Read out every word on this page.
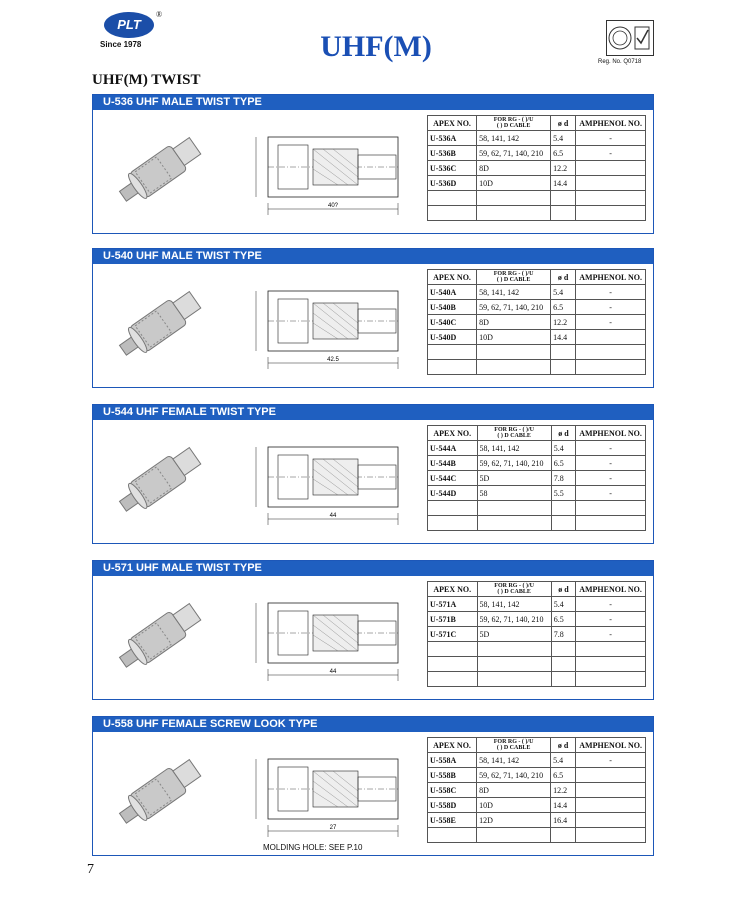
PLT
®
Since 1978	UHF(M)	Reg. No. Q0718
UHF(M) TWIST
U-536 UHF MALE TWIST TYPE
40?
APEX NO.	FOR RG - ( )/U
( ) D CABLE	ø d	AMPHENOL NO.
U-536A	58, 141, 142	5.4	-
U-536B	59, 62, 71, 140, 210	6.5	-
U-536C	8D	12.2	
U-536D	10D	14.4	

U-540 UHF MALE TWIST TYPE
42.5
APEX NO.	FOR RG - ( )/U
( ) D CABLE	ø d	AMPHENOL NO.
U-540A	58, 141, 142	5.4	-
U-540B	59, 62, 71, 140, 210	6.5	-
U-540C	8D	12.2	-
U-540D	10D	14.4	

U-544 UHF FEMALE TWIST TYPE
44
APEX NO.	FOR RG - ( )/U
( ) D CABLE	ø d	AMPHENOL NO.
U-544A	58, 141, 142	5.4	-
U-544B	59, 62, 71, 140, 210	6.5	-
U-544C	5D	7.8	-
U-544D	58	5.5	-

U-571 UHF MALE TWIST TYPE
44
APEX NO.	FOR RG - ( )/U
( ) D CABLE	ø d	AMPHENOL NO.
U-571A	58, 141, 142	5.4	-
U-571B	59, 62, 71, 140, 210	6.5	-
U-571C	5D	7.8	-

U-558 UHF FEMALE SCREW LOOK TYPE
27
APEX NO.	FOR RG - ( )/U
( ) D CABLE	ø d	AMPHENOL NO.
U-558A	58, 141, 142	5.4	-
U-558B	59, 62, 71, 140, 210	6.5	
U-558C	8D	12.2	
U-558D	10D	14.4	
U-558E	12D	16.4	

MOLDING HOLE: SEE P.10
7
